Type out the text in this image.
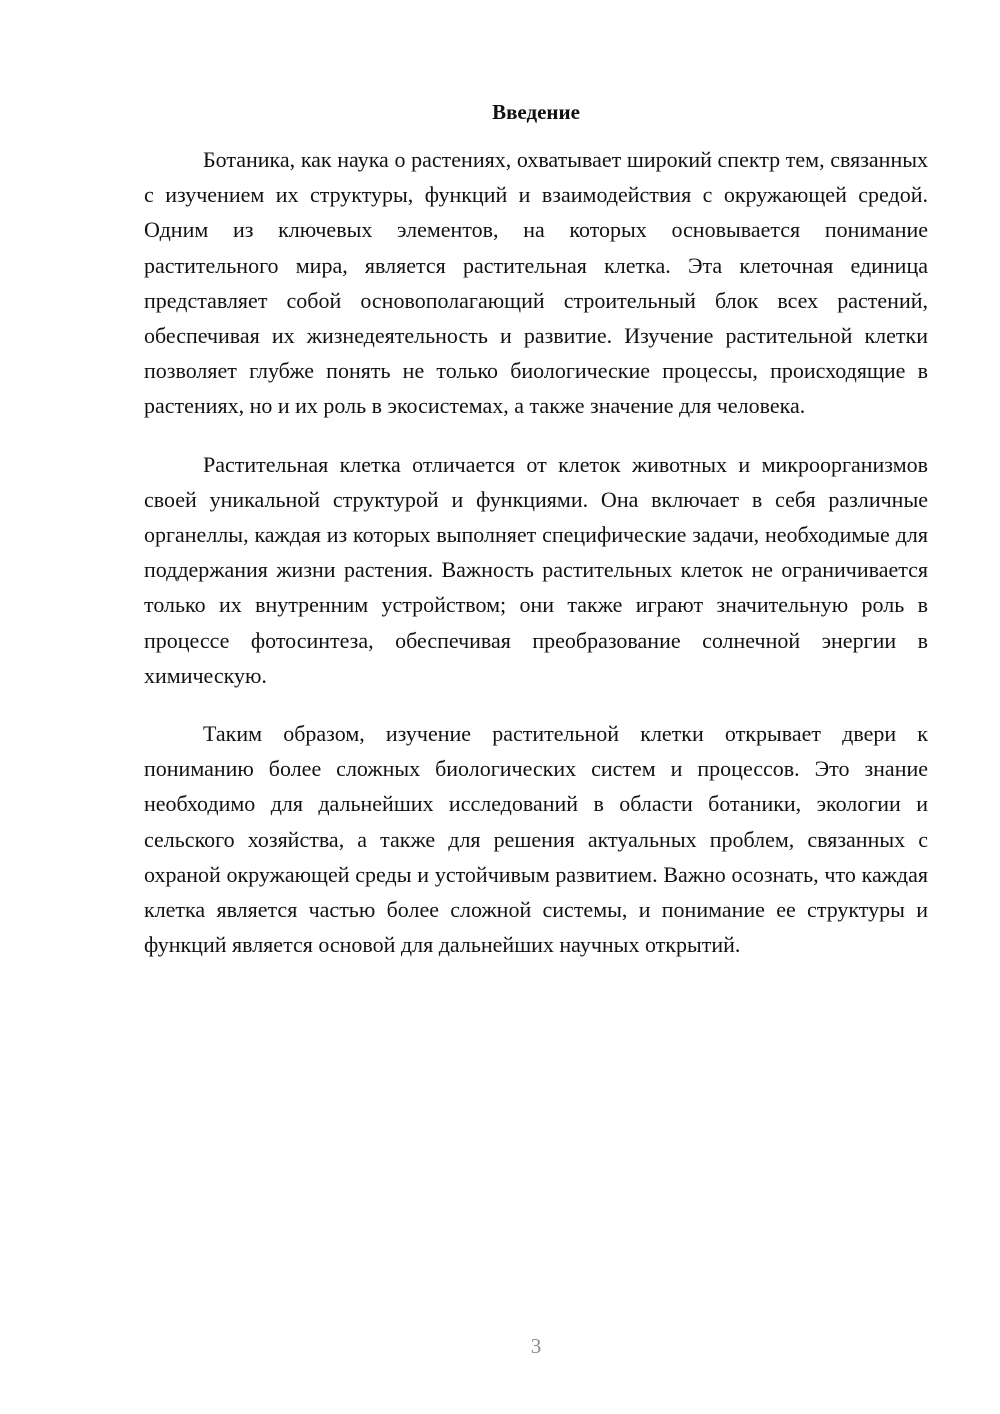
Введение

Ботаника, как наука о растениях, охватывает широкий спектр тем, связанных с изучением их структуры, функций и взаимодействия с окружающей средой. Одним из ключевых элементов, на которых основывается понимание растительного мира, является растительная клетка. Эта клеточная единица представляет собой основополагающий строительный блок всех растений, обеспечивая их жизнедеятельность и развитие. Изучение растительной клетки позволяет глубже понять не только биологические процессы, происходящие в растениях, но и их роль в экосистемах, а также значение для человека.

Растительная клетка отличается от клеток животных и микроорганизмов своей уникальной структурой и функциями. Она включает в себя различные органеллы, каждая из которых выполняет специфические задачи, необходимые для поддержания жизни растения. Важность растительных клеток не ограничивается только их внутренним устройством; они также играют значительную роль в процессе фотосинтеза, обеспечивая преобразование солнечной энергии в химическую.

Таким образом, изучение растительной клетки открывает двери к пониманию более сложных биологических систем и процессов. Это знание необходимо для дальнейших исследований в области ботаники, экологии и сельского хозяйства, а также для решения актуальных проблем, связанных с охраной окружающей среды и устойчивым развитием. Важно осознать, что каждая клетка является частью более сложной системы, и понимание ее структуры и функций является основой для дальнейших научных открытий.

3
